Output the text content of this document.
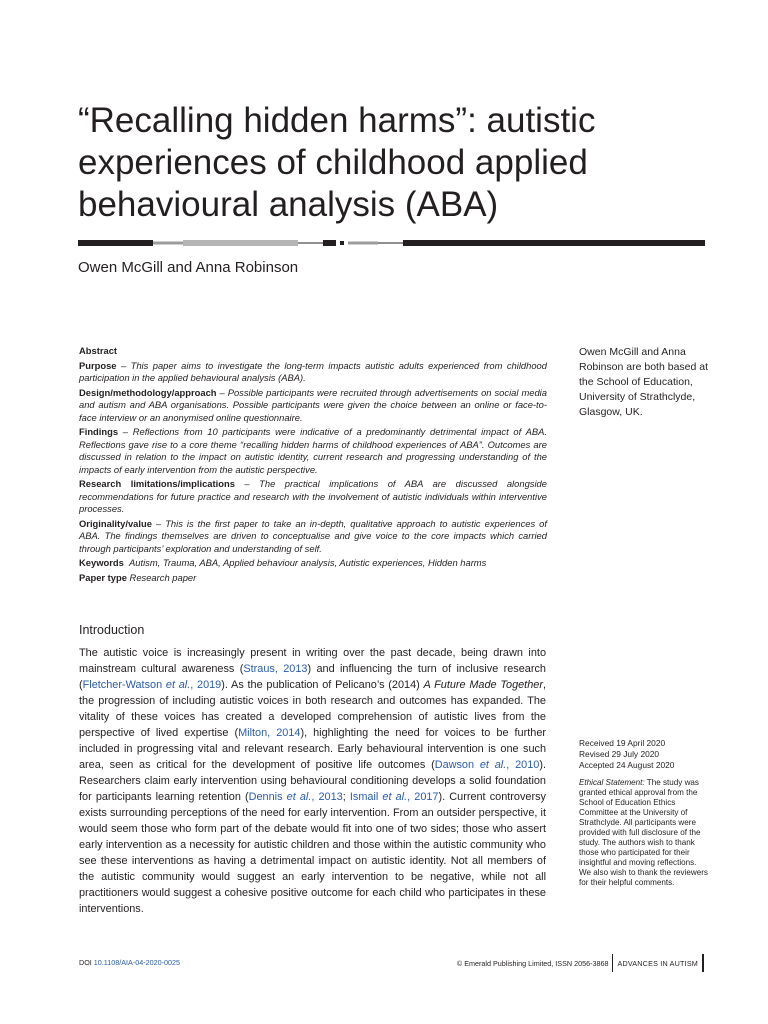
“Recalling hidden harms”: autistic experiences of childhood applied behavioural analysis (ABA)
Owen McGill and Anna Robinson
Owen McGill and Anna Robinson are both based at the School of Education, University of Strathclyde, Glasgow, UK.

Abstract

Purpose – This paper aims to investigate the long-term impacts autistic adults experienced from childhood participation in the applied behavioural analysis (ABA).

Design/methodology/approach – Possible participants were recruited through advertisements on social media and autism and ABA organisations. Possible participants were given the choice between an online or face-to-face interview or an anonymised online questionnaire.

Findings – Reflections from 10 participants were indicative of a predominantly detrimental impact of ABA. Reflections gave rise to a core theme “recalling hidden harms of childhood experiences of ABA”. Outcomes are discussed in relation to the impact on autistic identity, current research and progressing understanding of the impacts of early intervention from the autistic perspective.

Research limitations/implications – The practical implications of ABA are discussed alongside recommendations for future practice and research with the involvement of autistic individuals within interventive processes.

Originality/value – This is the first paper to take an in-depth, qualitative approach to autistic experiences of ABA. The findings themselves are driven to conceptualise and give voice to the core impacts which carried through participants’ exploration and understanding of self.

Keywords Autism, Trauma, ABA, Applied behaviour analysis, Autistic experiences, Hidden harms

Paper type Research paper

Introduction

The autistic voice is increasingly present in writing over the past decade, being drawn into mainstream cultural awareness (Straus, 2013) and influencing the turn of inclusive research (Fletcher-Watson et al., 2019). As the publication of Pelicano’s (2014) A Future Made Together, the progression of including autistic voices in both research and outcomes has expanded. The vitality of these voices has created a developed comprehension of autistic lives from the perspective of lived expertise (Milton, 2014), highlighting the need for voices to be further included in progressing vital and relevant research. Early behavioural intervention is one such area, seen as critical for the development of positive life outcomes (Dawson et al., 2010). Researchers claim early intervention using behavioural conditioning develops a solid foundation for participants learning retention (Dennis et al., 2013; Ismail et al., 2017). Current controversy exists surrounding perceptions of the need for early intervention. From an outsider perspective, it would seem those who form part of the debate would fit into one of two sides; those who assert early intervention as a necessity for autistic children and those within the autistic community who see these interventions as having a detrimental impact on autistic identity. Not all members of the autistic community would suggest an early intervention to be negative, while not all practitioners would suggest a cohesive positive outcome for each child who participates in these interventions.

Received 19 April 2020
Revised 29 July 2020
Accepted 24 August 2020
Ethical Statement: The study was granted ethical approval from the School of Education Ethics Committee at the University of Strathclyde. All participants were provided with full disclosure of the study. The authors wish to thank those who participated for their insightful and moving reflections. We also wish to thank the reviewers for their helpful comments.
DOI 10.1108/AIA-04-2020-0025	© Emerald Publishing Limited, ISSN 2056-3868 ADVANCES IN AUTISM
